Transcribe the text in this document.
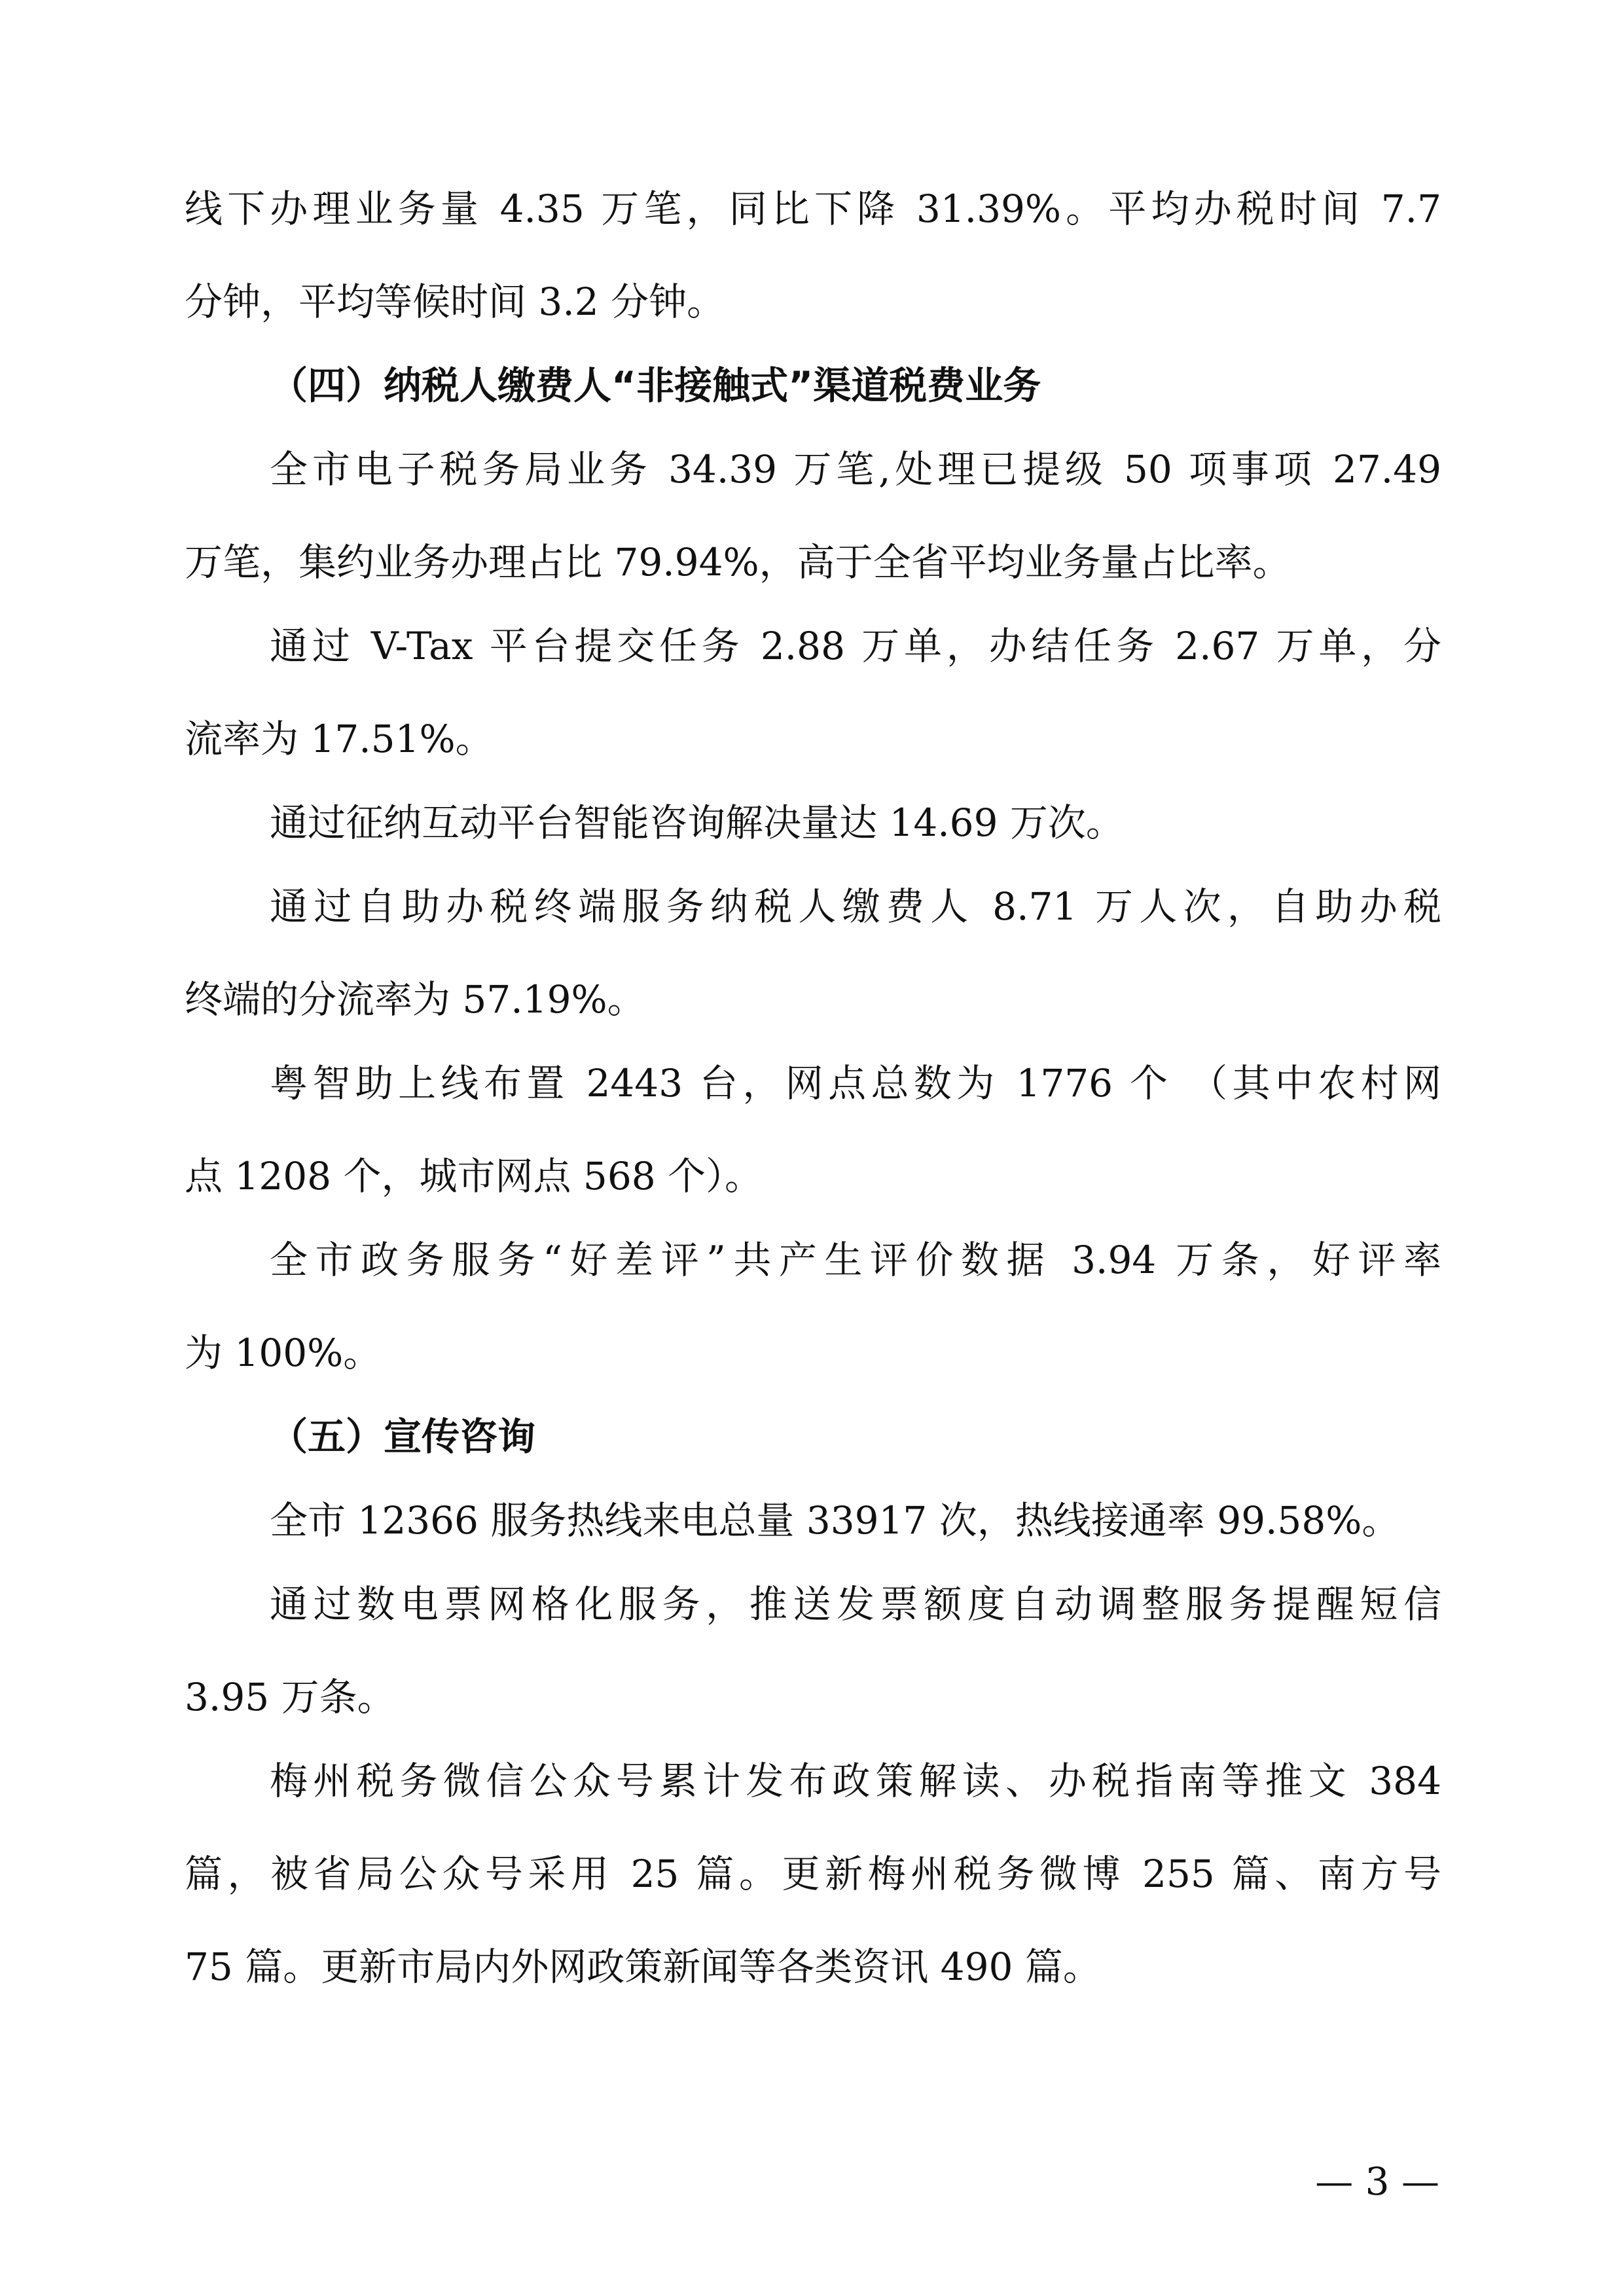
线下办理业务量 4.35 万笔，同比下降 31.39%。平均办税时间 7.7

分钟，平均等候时间 3.2 分钟。

（四）纳税人缴费人“非接触式”渠道税费业务

全市电子税务局业务 34.39 万笔,处理已提级 50 项事项 27.49

万笔，集约业务办理占比 79.94%，高于全省平均业务量占比率。

通过 V-Tax 平台提交任务 2.88 万单，办结任务 2.67 万单，分

流率为 17.51%。

通过征纳互动平台智能咨询解决量达 14.69 万次。

通过自助办税终端服务纳税人缴费人 8.71 万人次，自助办税

终端的分流率为 57.19%。

粤智助上线布置 2443 台，网点总数为 1776 个 （其中农村网

点 1208 个，城市网点 568 个）。

全市政务服务“好差评”共产生评价数据 3.94 万条，好评率

为 100%。

（五）宣传咨询

全市 12366 服务热线来电总量 33917 次，热线接通率 99.58%。

通过数电票网格化服务，推送发票额度自动调整服务提醒短信

3.95 万条。

梅州税务微信公众号累计发布政策解读、办税指南等推文 384

篇，被省局公众号采用 25 篇。更新梅州税务微博 255 篇、南方号

75 篇。更新市局内外网政策新闻等各类资讯 490 篇。

— 3 —
